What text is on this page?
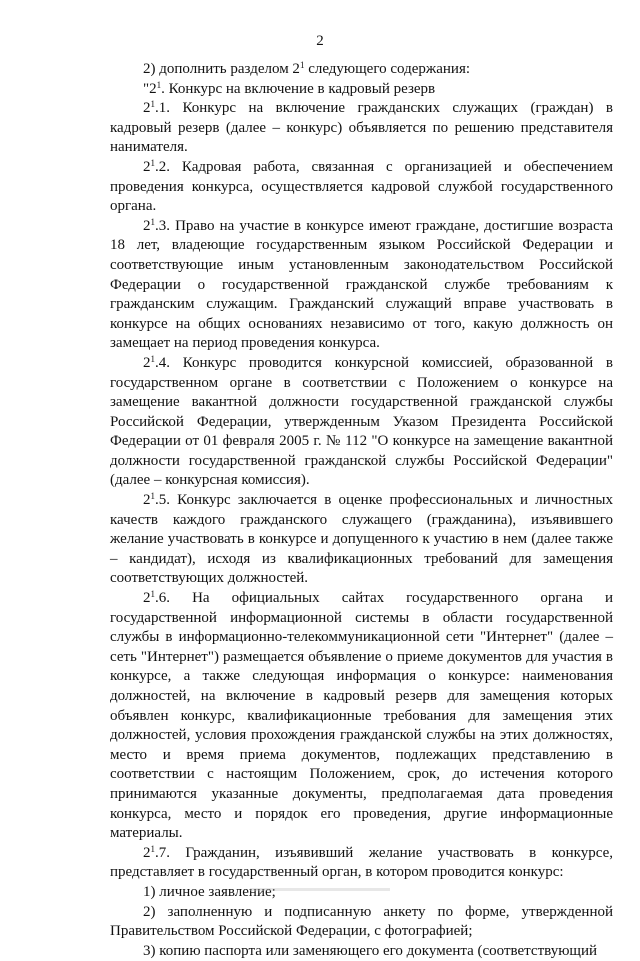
2

2) дополнить разделом $2^1$ следующего содержания:

"$2^1$. Конкурс на включение в кадровый резерв

$2^1.1$. Конкурс на включение гражданских служащих (граждан) в кадровый резерв (далее – конкурс) объявляется по решению представителя нанимателя.

$2^1.2$. Кадровая работа, связанная с организацией и обеспечением проведения конкурса, осуществляется кадровой службой государственного органа.

$2^1.3$. Право на участие в конкурсе имеют граждане, достигшие возраста 18 лет, владеющие государственным языком Российской Федерации и соответствующие иным установленным законодательством Российской Федерации о государственной гражданской службе требованиям к гражданским служащим. Гражданский служащий вправе участвовать в конкурсе на общих основаниях независимо от того, какую должность он замещает на период проведения конкурса.

$2^1.4$. Конкурс проводится конкурсной комиссией, образованной в государственном органе в соответствии с Положением о конкурсе на замещение вакантной должности государственной гражданской службы Российской Федерации, утвержденным Указом Президента Российской Федерации от 01 февраля 2005 г. № 112 "О конкурсе на замещение вакантной должности государственной гражданской службы Российской Федерации" (далее – конкурсная комиссия).

$2^1.5$. Конкурс заключается в оценке профессиональных и личностных качеств каждого гражданского служащего (гражданина), изъявившего желание участвовать в конкурсе и допущенного к участию в нем (далее также – кандидат), исходя из квалификационных требований для замещения соответствующих должностей.

$2^1.6$. На официальных сайтах государственного органа и государственной информационной системы в области государственной службы в информационно-телекоммуникационной сети "Интернет" (далее – сеть "Интернет") размещается объявление о приеме документов для участия в конкурсе, а также следующая информация о конкурсе: наименования должностей, на включение в кадровый резерв для замещения которых объявлен конкурс, квалификационные требования для замещения этих должностей, условия прохождения гражданской службы на этих должностях, место и время приема документов, подлежащих представлению в соответствии с настоящим Положением, срок, до истечения которого принимаются указанные документы, предполагаемая дата проведения конкурса, место и порядок его проведения, другие информационные материалы.

$2^1.7$. Гражданин, изъявивший желание участвовать в конкурсе, представляет в государственный орган, в котором проводится конкурс:

1) личное заявление;

2) заполненную и подписанную анкету по форме, утвержденной Правительством Российской Федерации, с фотографией;

3) копию паспорта или заменяющего его документа (соответствующий
